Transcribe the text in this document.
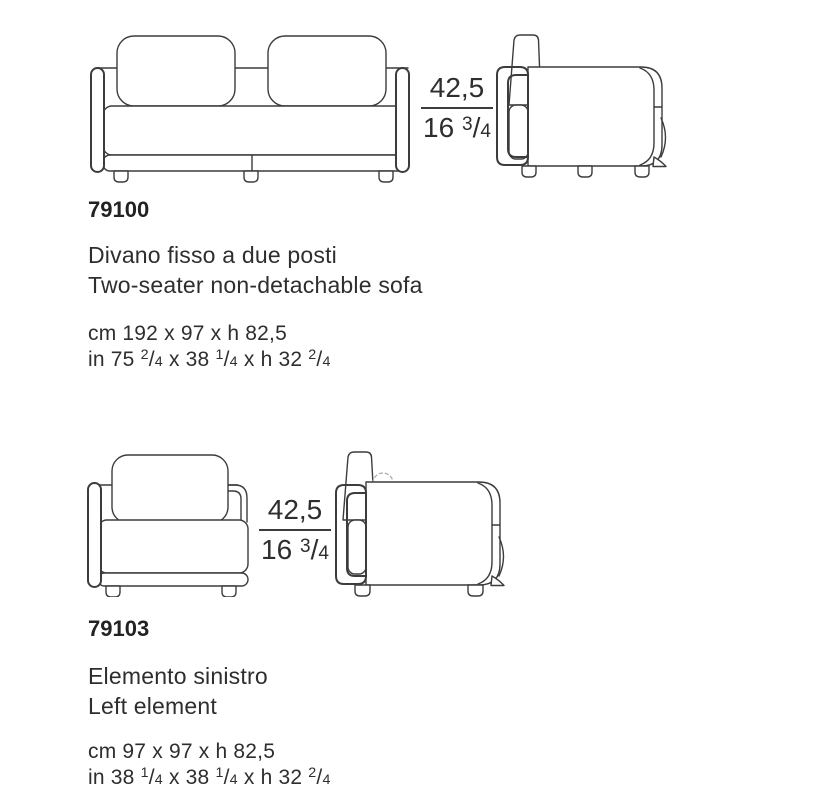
42,5
16 $^3$/4
79100
Divano fisso a due posti
Two-seater non-detachable sofa
cm 192 x 97 x h 82,5
in 75 $^2$/4 x 38 $^1$/4 x h 32 $^2$/4
42,5
16 $^3$/4
79103
Elemento sinistro
Left element
cm 97 x 97 x h 82,5
in 38 $^1$/4 x 38 $^1$/4 x h 32 $^2$/4
